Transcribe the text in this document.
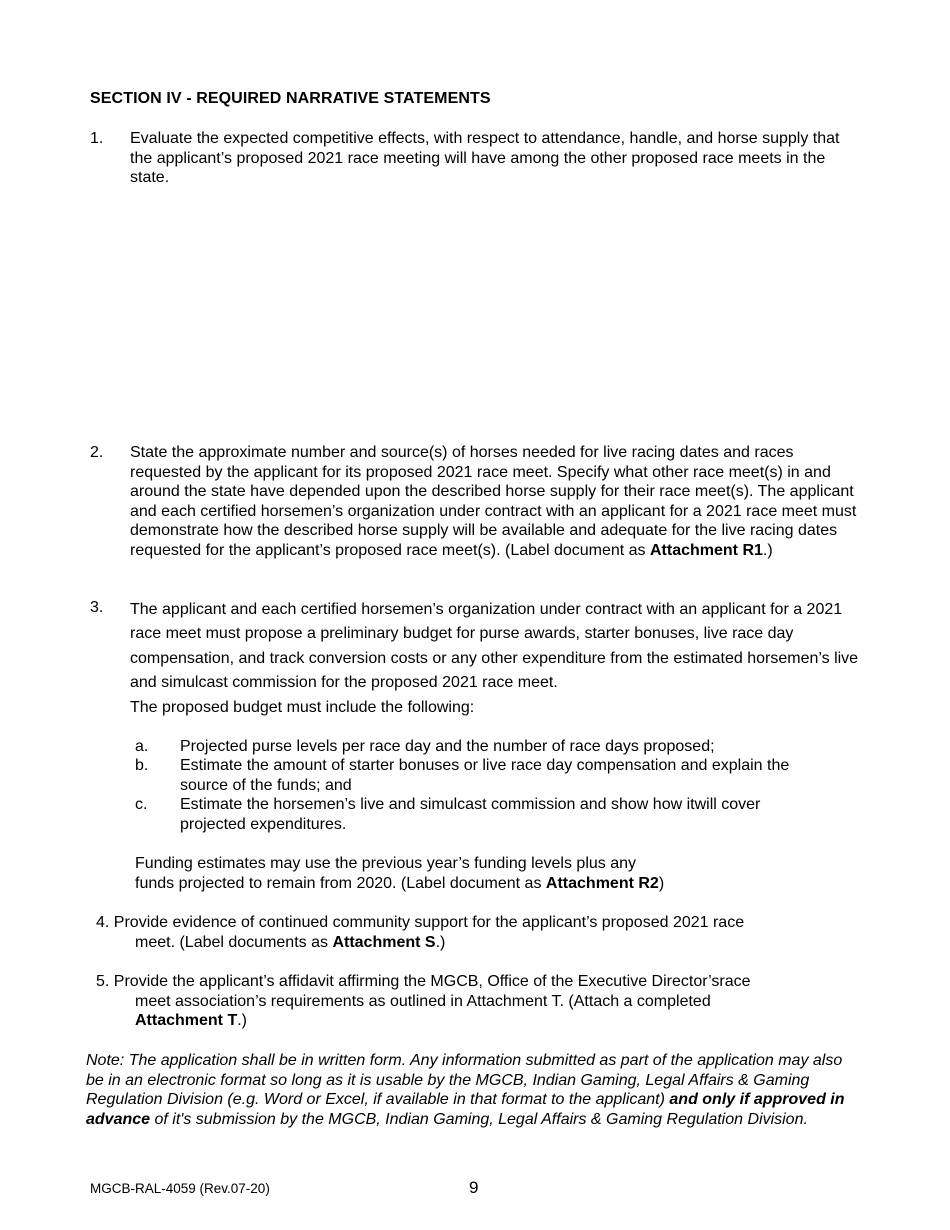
SECTION IV - REQUIRED NARRATIVE STATEMENTS
1. Evaluate the expected competitive effects, with respect to attendance, handle, and horse supply that the applicant’s proposed 2021 race meeting will have among the other proposed race meets in the state.
2. State the approximate number and source(s) of horses needed for live racing dates and races requested by the applicant for its proposed 2021 race meet. Specify what other race meet(s) in and around the state have depended upon the described horse supply for their race meet(s). The applicant and each certified horsemen’s organization under contract with an applicant for a 2021 race meet must demonstrate how the described horse supply will be available and adequate for the live racing dates requested for the applicant’s proposed race meet(s). (Label document as Attachment R1.)
3. The applicant and each certified horsemen’s organization under contract with an applicant for a 2021 race meet must propose a preliminary budget for purse awards, starter bonuses, live race day compensation, and track conversion costs or any other expenditure from the estimated horsemen’s live and simulcast commission for the proposed 2021 race meet.
The proposed budget must include the following:
a. Projected purse levels per race day and the number of race days proposed;
b. Estimate the amount of starter bonuses or live race day compensation and explain the source of the funds; and
c. Estimate the horsemen’s live and simulcast commission and show how itwill cover projected expenditures.
Funding estimates may use the previous year’s funding levels plus any
funds projected to remain from 2020. (Label document as Attachment R2)
4. Provide evidence of continued community support for the applicant’s proposed 2021 race
meet. (Label documents as Attachment S.)
5. Provide the applicant’s affidavit affirming the MGCB, Office of the Executive Director’srace
meet association’s requirements as outlined in Attachment T. (Attach a completed
Attachment T.)
Note: The application shall be in written form. Any information submitted as part of the application may also be in an electronic format so long as it is usable by the MGCB, Indian Gaming, Legal Affairs & Gaming Regulation Division (e.g. Word or Excel, if available in that format to the applicant) and only if approved in advance of it's submission by the MGCB, Indian Gaming, Legal Affairs & Gaming Regulation Division.
MGCB-RAL-4059 (Rev.07-20)	9
